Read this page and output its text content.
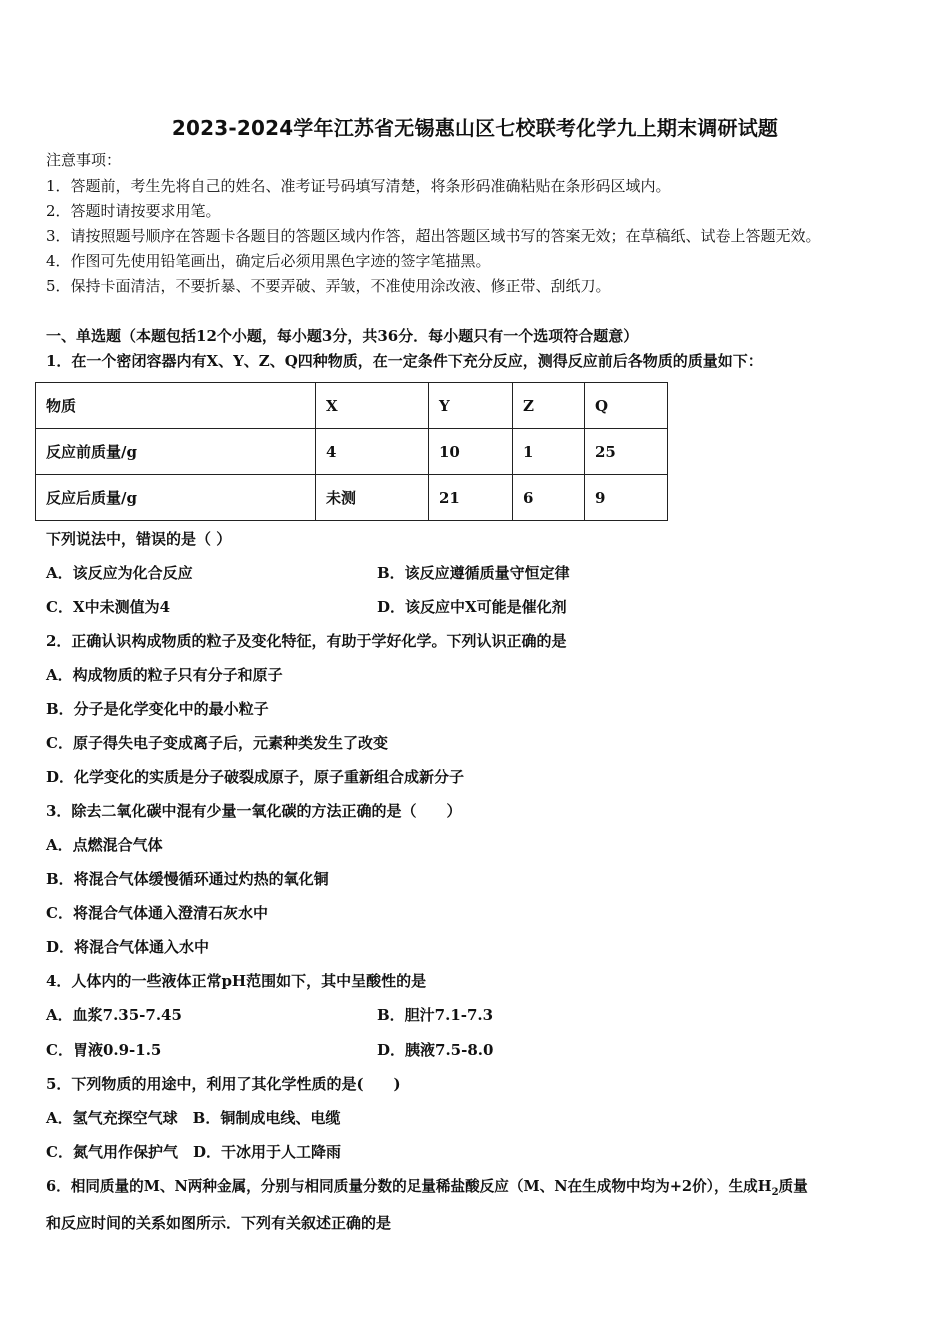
2023-2024学年江苏省无锡惠山区七校联考化学九上期末调研试题
注意事项：
1．答题前，考生先将自己的姓名、准考证号码填写清楚，将条形码准确粘贴在条形码区域内。
2．答题时请按要求用笔。
3．请按照题号顺序在答题卡各题目的答题区域内作答，超出答题区域书写的答案无效；在草稿纸、试卷上答题无效。
4．作图可先使用铅笔画出，确定后必须用黑色字迹的签字笔描黑。
5．保持卡面清洁，不要折暴、不要弄破、弄皱，不准使用涂改液、修正带、刮纸刀。
一、单选题（本题包括12个小题，每小题3分，共36分．每小题只有一个选项符合题意）
1．在一个密闭容器内有X、Y、Z、Q四种物质，在一定条件下充分反应，测得反应前后各物质的质量如下：
物质	X	Y	Z	Q
反应前质量/g	4	10	1	25
反应后质量/g	未测	21	6	9
下列说法中，错误的是（ ）
A．该反应为化合反应	B．该反应遵循质量守恒定律
C．X中未测值为4	D．该反应中X可能是催化剂
2．正确认识构成物质的粒子及变化特征，有助于学好化学。下列认识正确的是
A．构成物质的粒子只有分子和原子
B．分子是化学变化中的最小粒子
C．原子得失电子变成离子后，元素种类发生了改变
D．化学变化的实质是分子破裂成原子，原子重新组合成新分子
3．除去二氧化碳中混有少量一氧化碳的方法正确的是（　　）
A．点燃混合气体
B．将混合气体缓慢循环通过灼热的氧化铜
C．将混合气体通入澄清石灰水中
D．将混合气体通入水中
4．人体内的一些液体正常pH范围如下，其中呈酸性的是
A．血浆7.35-7.45	B．胆汁7.1-7.3
C．胃液0.9-1.5	D．胰液7.5-8.0
5．下列物质的用途中，利用了其化学性质的是(　　)
A．氢气充探空气球　B．铜制成电线、电缆
C．氮气用作保护气　D．干冰用于人工降雨
6．相同质量的M、N两种金属，分别与相同质量分数的足量稀盐酸反应（M、N在生成物中均为+2价），生成$H_2$质量
和反应时间的关系如图所示．下列有关叙述正确的是
